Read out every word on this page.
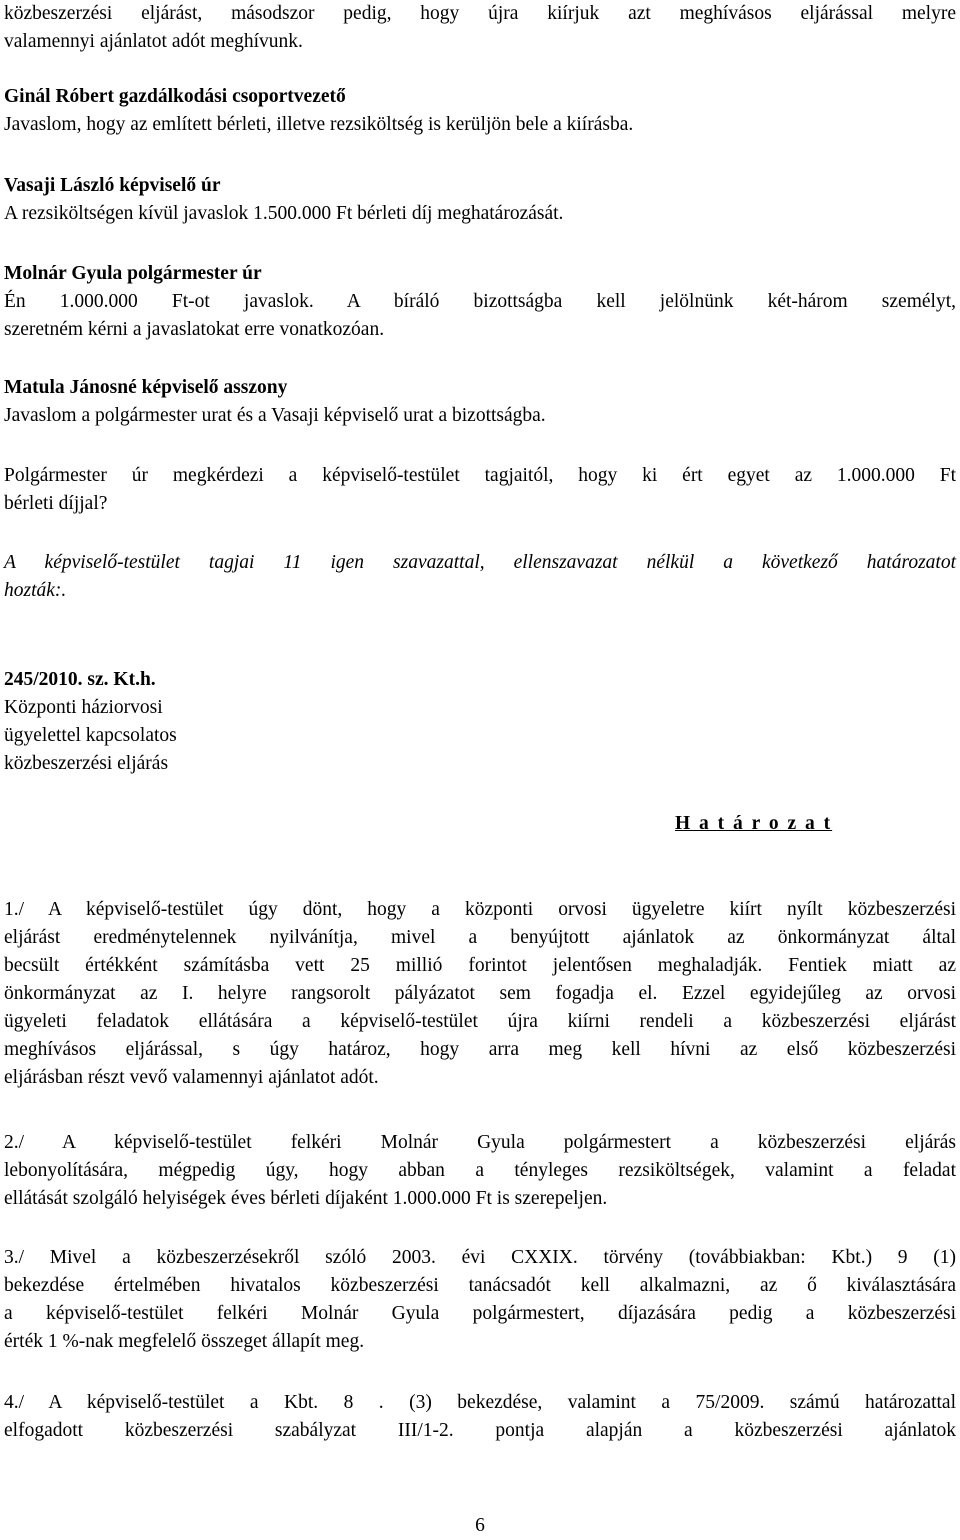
közbeszerzési eljárást, másodszor pedig, hogy újra kiírjuk azt meghívásos eljárással melyre
valamennyi ajánlatot adót meghívunk.
Ginál Róbert gazdálkodási csoportvezető
Javaslom, hogy az említett bérleti, illetve rezsiköltség is kerüljön bele a kiírásba.
Vasaji László képviselő úr
A rezsiköltségen kívül javaslok 1.500.000 Ft bérleti díj meghatározását.
Molnár Gyula polgármester úr
Én 1.000.000 Ft-ot javaslok. A bíráló bizottságba kell jelölnünk két-három személyt,
szeretném kérni a javaslatokat erre vonatkozóan.
Matula Jánosné képviselő asszony
Javaslom a polgármester urat és a Vasaji képviselő urat a bizottságba.
Polgármester úr megkérdezi a képviselő-testület tagjaitól, hogy ki ért egyet az 1.000.000 Ft
bérleti díjjal?
A képviselő-testület tagjai 11 igen szavazattal, ellenszavazat nélkül a következő határozatot
hozták:.
245/2010. sz. Kt.h.
Központi háziorvosi
ügyelettel kapcsolatos
közbeszerzési eljárás
H a t á r o z a t
1./ A képviselő-testület úgy dönt, hogy a központi orvosi ügyeletre kiírt nyílt közbeszerzési
eljárást eredménytelennek nyilvánítja, mivel a benyújtott ajánlatok az önkormányzat által
becsült értékként számításba vett 25 millió forintot jelentősen meghaladják. Fentiek miatt az
önkormányzat az I. helyre rangsorolt pályázatot sem fogadja el. Ezzel egyidejűleg az orvosi
ügyeleti feladatok ellátására a képviselő-testület újra kiírni rendeli a közbeszerzési eljárást
meghívásos eljárással, s úgy határoz, hogy arra meg kell hívni az első közbeszerzési
eljárásban részt vevő valamennyi ajánlatot adót.
2./ A képviselő-testület felkéri Molnár Gyula polgármestert a közbeszerzési eljárás
lebonyolítására, mégpedig úgy, hogy abban a tényleges rezsiköltségek, valamint a feladat
ellátását szolgáló helyiségek éves bérleti díjaként 1.000.000 Ft is szerepeljen.
3./ Mivel a közbeszerzésekről szóló 2003. évi CXXIX. törvény (továbbiakban: Kbt.) 9 (1)
bekezdése értelmében hivatalos közbeszerzési tanácsadót kell alkalmazni, az ő kiválasztására
a képviselő-testület felkéri Molnár Gyula polgármestert, díjazására pedig a közbeszerzési
érték 1 %-nak megfelelő összeget állapít meg.
4./ A képviselő-testület a Kbt. 8 . (3) bekezdése, valamint a 75/2009. számú határozattal
elfogadott közbeszerzési szabályzat III/1-2. pontja alapján a közbeszerzési ajánlatok
6
